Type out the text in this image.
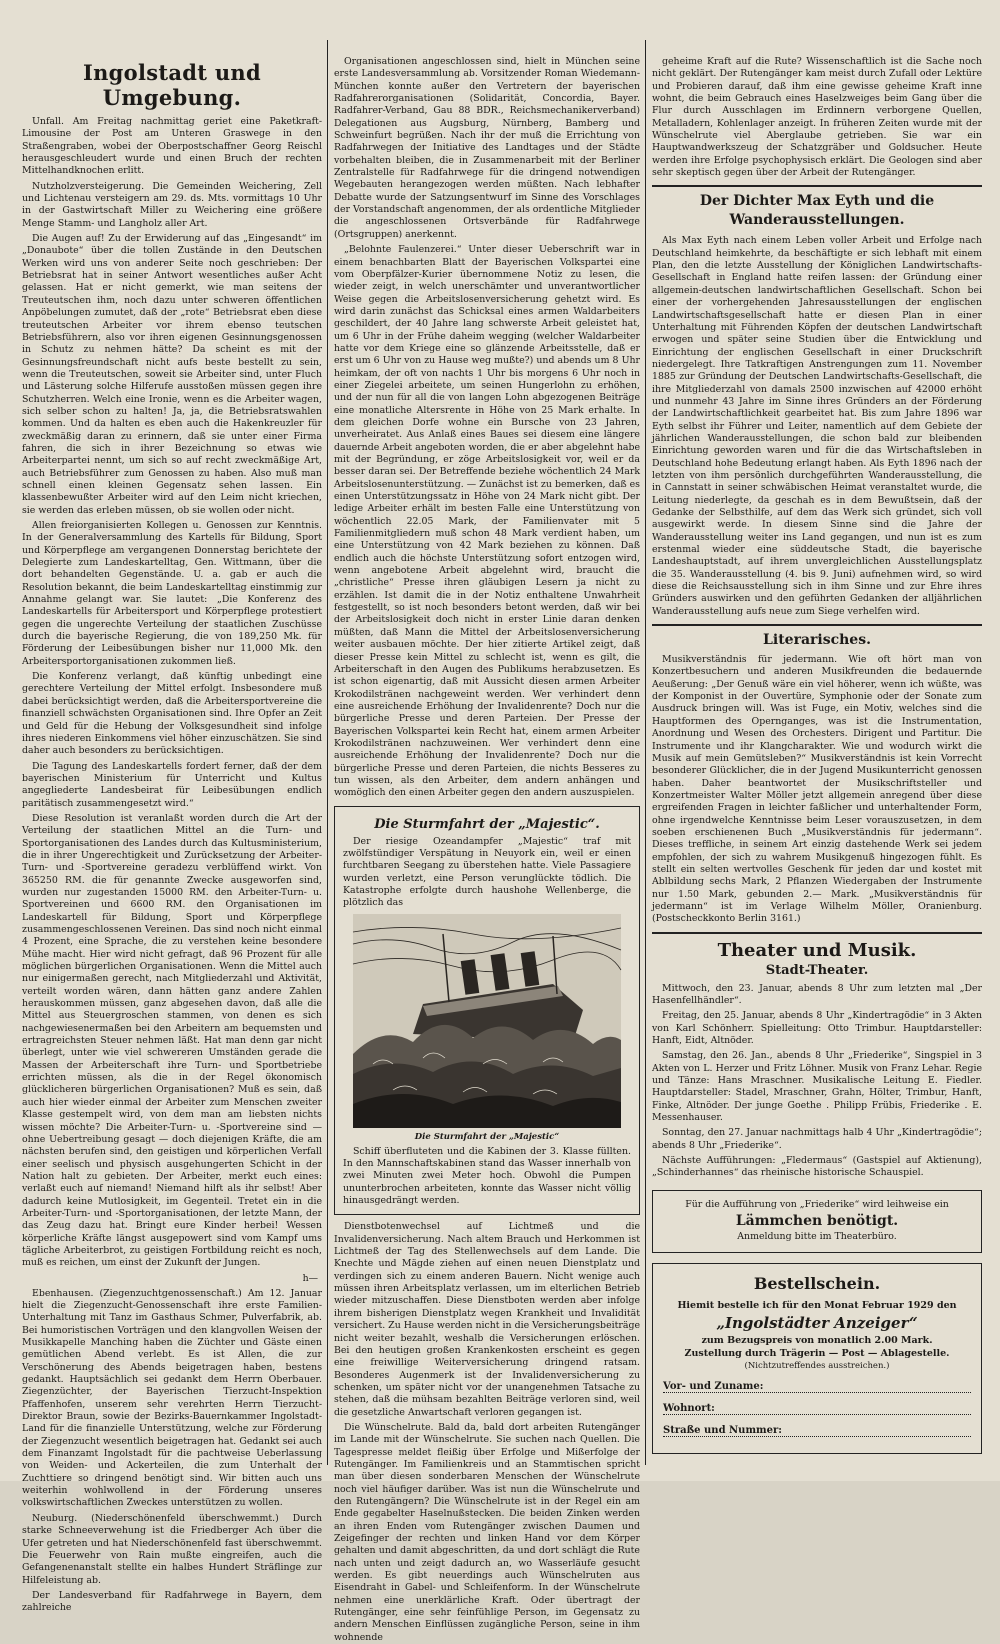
Ingolstadt und Umgebung.

Unfall. Am Freitag nachmittag geriet eine Paketkraft-Limousine der Post am Unteren Graswege in den Straßengraben, wobei der Oberpostschaffner Georg Reischl herausgeschleudert wurde und einen Bruch der rechten Mittelhandknochen erlitt.

Nutzholzversteigerung. Die Gemeinden Weichering, Zell und Lichtenau versteigern am 29. ds. Mts. vormittags 10 Uhr in der Gastwirtschaft Miller zu Weichering eine größere Menge Stamm- und Langholz aller Art.

Die Augen auf! Zu der Erwiderung auf das „Eingesandt“ im „Donaubote“ über die tollen Zustände in den Deutschen Werken wird uns von anderer Seite noch geschrieben: Der Betriebsrat hat in seiner Antwort wesentliches außer Acht gelassen. Hat er nicht gemerkt, wie man seitens der Treuteutschen ihm, noch dazu unter schweren öffentlichen Anpöbelungen zumutet, daß der „rote“ Betriebsrat eben diese treuteutschen Arbeiter vor ihrem ebenso teutschen Betriebsführern, also vor ihren eigenen Gesinnungsgenossen in Schutz zu nehmen hätte? Da scheint es mit der Gesinnungsfreundschaft nicht aufs beste bestellt zu sein, wenn die Treuteutschen, soweit sie Arbeiter sind, unter Fluch und Lästerung solche Hilferufe ausstoßen müssen gegen ihre Schutzherren. Welch eine Ironie, wenn es die Arbeiter wagen, sich selber schon zu halten! Ja, ja, die Betriebsratswahlen kommen. Und da halten es eben auch die Hakenkreuzler für zweckmäßig daran zu erinnern, daß sie unter einer Firma fahren, die sich in ihrer Bezeichnung so etwas wie Arbeiterpartei nennt, um sich so auf recht zweckmäßige Art, auch Betriebsführer zum Genossen zu haben. Also muß man schnell einen kleinen Gegensatz sehen lassen. Ein klassenbewußter Arbeiter wird auf den Leim nicht kriechen, sie werden das erleben müssen, ob sie wollen oder nicht.

Allen freiorganisierten Kollegen u. Genossen zur Kenntnis. In der Generalversammlung des Kartells für Bildung, Sport und Körperpflege am vergangenen Donnerstag berichtete der Delegierte zum Landeskartelltag, Gen. Wittmann, über die dort behandelten Gegenstände. U. a. gab er auch die Resolution bekannt, die beim Landeskartelltag einstimmig zur Annahme gelangt war. Sie lautet: „Die Konferenz des Landeskartells für Arbeitersport und Körperpflege protestiert gegen die ungerechte Verteilung der staatlichen Zuschüsse durch die bayerische Regierung, die von 189,250 Mk. für Förderung der Leibesübungen bisher nur 11,000 Mk. den Arbeitersportorganisationen zukommen ließ.

Die Konferenz verlangt, daß künftig unbedingt eine gerechtere Verteilung der Mittel erfolgt. Insbesondere muß dabei berücksichtigt werden, daß die Arbeitersportvereine die finanziell schwächsten Organisationen sind. Ihre Opfer an Zeit und Geld für die Hebung der Volksgesundheit sind infolge ihres niederen Einkommens viel höher einzuschätzen. Sie sind daher auch besonders zu berücksichtigen.

Die Tagung des Landeskartells fordert ferner, daß der dem bayerischen Ministerium für Unterricht und Kultus angegliederte Landesbeirat für Leibesübungen endlich paritätisch zusammengesetzt wird.“

Diese Resolution ist veranlaßt worden durch die Art der Verteilung der staatlichen Mittel an die Turn- und Sportorganisationen des Landes durch das Kultusministerium, die in ihrer Ungerechtigkeit und Zurücksetzung der Arbeiter-Turn- und -Sportvereine geradezu verblüffend wirkt. Von 365250 RM. die für genannte Zwecke ausgeworfen sind, wurden nur zugestanden 15000 RM. den Arbeiter-Turn- u. Sportvereinen und 6600 RM. den Organisationen im Landeskartell für Bildung, Sport und Körperpflege zusammengeschlossenen Vereinen. Das sind noch nicht einmal 4 Prozent, eine Sprache, die zu verstehen keine besondere Mühe macht. Hier wird nicht gefragt, daß 96 Prozent für alle möglichen bürgerlichen Organisationen. Wenn die Mittel auch nur einigermaßen gerecht, nach Mitgliederzahl und Aktivität, verteilt worden wären, dann hätten ganz andere Zahlen herauskommen müssen, ganz abgesehen davon, daß alle die Mittel aus Steuergroschen stammen, von denen es sich nachgewiesenermaßen bei den Arbeitern am bequemsten und ertragreichsten Steuer nehmen läßt. Hat man denn gar nicht überlegt, unter wie viel schwereren Umständen gerade die Massen der Arbeiterschaft ihre Turn- und Sportbetriebe errichten müssen, als die in der Regel ökonomisch glücklicheren bürgerlichen Organisationen? Muß es sein, daß auch hier wieder einmal der Arbeiter zum Menschen zweiter Klasse gestempelt wird, von dem man am liebsten nichts wissen möchte? Die Arbeiter-Turn- u. -Sportvereine sind — ohne Uebertreibung gesagt — doch diejenigen Kräfte, die am nächsten berufen sind, den geistigen und körperlichen Verfall einer seelisch und physisch ausgehungerten Schicht in der Nation halt zu gebieten. Der Arbeiter, merkt euch eines: verlaßt euch auf niemand! Niemand hilft als ihr selbst! Aber dadurch keine Mutlosigkeit, im Gegenteil. Tretet ein in die Arbeiter-Turn- und -Sportorganisationen, der letzte Mann, der das Zeug dazu hat. Bringt eure Kinder herbei! Wessen körperliche Kräfte längst ausgepowert sind vom Kampf ums tägliche Arbeiterbrot, zu geistigen Fortbildung reicht es noch, muß es reichen, um einst der Zukunft der Jungen.

h—

Ebenhausen. (Ziegenzuchtgenossenschaft.) Am 12. Januar hielt die Ziegenzucht-Genossenschaft ihre erste Familien-Unterhaltung mit Tanz im Gasthaus Schmer, Pulverfabrik, ab. Bei humoristischen Vorträgen und den klangvollen Weisen der Musikkapelle Manching haben die Züchter und Gäste einen gemütlichen Abend verlebt. Es ist Allen, die zur Verschönerung des Abends beigetragen haben, bestens gedankt. Hauptsächlich sei gedankt dem Herrn Oberbauer. Ziegenzüchter, der Bayerischen Tierzucht-Inspektion Pfaffenhofen, unserem sehr verehrten Herrn Tierzucht-Direktor Braun, sowie der Bezirks-Bauernkammer Ingolstadt-Land für die finanzielle Unterstützung, welche zur Förderung der Ziegenzucht wesentlich beigetragen hat. Gedankt sei auch dem Finanzamt Ingolstadt für die pachtweise Ueberlassung von Weiden- und Ackerteilen, die zum Unterhalt der Zuchttiere so dringend benötigt sind. Wir bitten auch uns weiterhin wohlwollend in der Förderung unseres volkswirtschaftlichen Zweckes unterstützen zu wollen.

Neuburg. (Niederschönenfeld überschwemmt.) Durch starke Schneeverwehung ist die Friedberger Ach über die Ufer getreten und hat Niederschönenfeld fast überschwemmt. Die Feuerwehr von Rain mußte eingreifen, auch die Gefangenenanstalt stellte ein halbes Hundert Sträflinge zur Hilfeleistung ab.

Der Landesverband für Radfahrwege in Bayern, dem zahlreiche

Organisationen angeschlossen sind, hielt in München seine erste Landesversammlung ab. Vorsitzender Roman Wiedemann-München konnte außer den Vertretern der bayerischen Radfahrerorganisationen (Solidarität, Concordia, Bayer. Radfahrer-Verband, Gau 88 BDR., Reichsmechanikerverband) Delegationen aus Augsburg, Nürnberg, Bamberg und Schweinfurt begrüßen. Nach ihr der muß die Errichtung von Radfahrwegen der Initiative des Landtages und der Städte vorbehalten bleiben, die in Zusammenarbeit mit der Berliner Zentralstelle für Radfahrwege für die dringend notwendigen Wegebauten herangezogen werden müßten. Nach lebhafter Debatte wurde der Satzungsentwurf im Sinne des Vorschlages der Vorstandschaft angenommen, der als ordentliche Mitglieder die angeschlossenen Ortsverbände für Radfahrwege (Ortsgruppen) anerkennt.

„Belohnte Faulenzerei.“ Unter dieser Ueberschrift war in einem benachbarten Blatt der Bayerischen Volkspartei eine vom Oberpfälzer-Kurier übernommene Notiz zu lesen, die wieder zeigt, in welch unerschämter und unverantwortlicher Weise gegen die Arbeitslosenversicherung gehetzt wird. Es wird darin zunächst das Schicksal eines armen Waldarbeiters geschildert, der 40 Jahre lang schwerste Arbeit geleistet hat, um 6 Uhr in der Frühe daheim wegging (welcher Waldarbeiter hatte vor dem Kriege eine so glänzende Arbeitsstelle, daß er erst um 6 Uhr von zu Hause weg mußte?) und abends um 8 Uhr heimkam, der oft von nachts 1 Uhr bis morgens 6 Uhr noch in einer Ziegelei arbeitete, um seinen Hungerlohn zu erhöhen, und der nun für all die von langen Lohn abgezogenen Beiträge eine monatliche Altersrente in Höhe von 25 Mark erhalte. In dem gleichen Dorfe wohne ein Bursche von 23 Jahren, unverheiratet. Aus Anlaß eines Baues sei diesem eine längere dauernde Arbeit angeboten worden, die er aber abgelehnt habe mit der Begründung, er zöge Arbeitslosigkeit vor, weil er da besser daran sei. Der Betreffende beziehe wöchentlich 24 Mark Arbeitslosenunterstützung. — Zunächst ist zu bemerken, daß es einen Unterstützungssatz in Höhe von 24 Mark nicht gibt. Der ledige Arbeiter erhält im besten Falle eine Unterstützung von wöchentlich 22.05 Mark, der Familienvater mit 5 Familienmitgliedern muß schon 48 Mark verdient haben, um eine Unterstützung von 42 Mark beziehen zu können. Daß endlich auch die höchste Unterstützung sofort entzogen wird, wenn angebotene Arbeit abgelehnt wird, braucht die „christliche“ Presse ihren gläubigen Lesern ja nicht zu erzählen. Ist damit die in der Notiz enthaltene Unwahrheit festgestellt, so ist noch besonders betont werden, daß wir bei der Arbeitslosigkeit doch nicht in erster Linie daran denken müßten, daß Mann die Mittel der Arbeitslosenversicherung weiter ausbauen möchte. Der hier zitierte Artikel zeigt, daß dieser Presse kein Mittel zu schlecht ist, wenn es gilt, die Arbeiterschaft in den Augen des Publikums herabzusetzen. Es ist schon eigenartig, daß mit Aussicht diesen armen Arbeiter Krokodilstränen nachgeweint werden. Wer verhindert denn eine ausreichende Erhöhung der Invalidenrente? Doch nur die bürgerliche Presse und deren Parteien. Der Presse der Bayerischen Volkspartei kein Recht hat, einem armen Arbeiter Krokodilstränen nachzuweinen. Wer verhindert denn eine ausreichende Erhöhung der Invalidenrente? Doch nur die bürgerliche Presse und deren Parteien, die nichts Besseres zu tun wissen, als den Arbeiter, dem andern anhängen und womöglich den einen Arbeiter gegen den andern auszuspielen.

Die Sturmfahrt der „Majestic“.

Der riesige Ozeandampfer „Majestic“ traf mit zwölfstündiger Verspätung in Neuyork ein, weil er einen furchtbaren Seegang zu überstehen hatte. Viele Passagiere wurden verletzt, eine Person verunglückte tödlich. Die Katastrophe erfolgte durch haushohe Wellenberge, die plötzlich das

Die Sturmfahrt der „Majestic“

Schiff überfluteten und die Kabinen der 3. Klasse füllten. In den Mannschaftskabinen stand das Wasser innerhalb von zwei Minuten zwei Meter hoch. Obwohl die Pumpen ununterbrochen arbeiteten, konnte das Wasser nicht völlig hinausgedrängt werden.

Dienstbotenwechsel auf Lichtmeß und die Invalidenversicherung. Nach altem Brauch und Herkommen ist Lichtmeß der Tag des Stellenwechsels auf dem Lande. Die Knechte und Mägde ziehen auf einen neuen Dienstplatz und verdingen sich zu einem anderen Bauern. Nicht wenige auch müssen ihren Arbeitsplatz verlassen, um im elterlichen Betrieb wieder mitzuschaffen. Diese Dienstboten werden aber infolge ihrem bisherigen Dienstplatz wegen Krankheit und Invalidität versichert. Zu Hause werden nicht in die Versicherungsbeiträge nicht weiter bezahlt, weshalb die Versicherungen erlöschen. Bei den heutigen großen Krankenkosten erscheint es gegen eine freiwillige Weiterversicherung dringend ratsam. Besonderes Augenmerk ist der Invalidenversicherung zu schenken, um später nicht vor der unangenehmen Tatsache zu stehen, daß die mühsam bezahlten Beiträge verloren sind, weil die gesetzliche Anwartschaft verloren gegangen ist.

Die Wünschelrute. Bald da, bald dort arbeiten Rutengänger im Lande mit der Wünschelrute. Sie suchen nach Quellen. Die Tagespresse meldet fleißig über Erfolge und Mißerfolge der Rutengänger. Im Familienkreis und an Stammtischen spricht man über diesen sonderbaren Menschen der Wünschelrute noch viel häufiger darüber. Was ist nun die Wünschelrute und den Rutengängern? Die Wünschelrute ist in der Regel ein am Ende gegabelter Haselnußstecken. Die beiden Zinken werden an ihren Enden vom Rutengänger zwischen Daumen und Zeigefinger der rechten und linken Hand vor dem Körper gehalten und damit abgeschritten, da und dort schlägt die Rute nach unten und zeigt dadurch an, wo Wasserläufe gesucht werden. Es gibt neuerdings auch Wünschelruten aus Eisendraht in Gabel- und Schleifenform. In der Wünschelrute nehmen eine unerklärliche Kraft. Oder übertragt der Rutengänger, eine sehr feinfühlige Person, im Gegensatz zu andern Menschen Einflüssen zugängliche Person, seine in ihm wohnende

geheime Kraft auf die Rute? Wissenschaftlich ist die Sache noch nicht geklärt. Der Rutengänger kam meist durch Zufall oder Lektüre und Probieren darauf, daß ihm eine gewisse geheime Kraft inne wohnt, die beim Gebrauch eines Haselzweiges beim Gang über die Flur durch Ausschlagen im Erdinnern verborgene Quellen, Metalladern, Kohlenlager anzeigt. In früheren Zeiten wurde mit der Wünschelrute viel Aberglaube getrieben. Sie war ein Hauptwandwerkszeug der Schatzgräber und Goldsucher. Heute werden ihre Erfolge psychophysisch erklärt. Die Geologen sind aber sehr skeptisch gegen über der Arbeit der Rutengänger.

Der Dichter Max Eyth und die
Wanderausstellungen.

Als Max Eyth nach einem Leben voller Arbeit und Erfolge nach Deutschland heimkehrte, da beschäftigte er sich lebhaft mit einem Plan, den die letzte Ausstellung der Königlichen Landwirtschafts-Gesellschaft in England hatte reifen lassen: der Gründung einer allgemein-deutschen landwirtschaftlichen Gesellschaft. Schon bei einer der vorhergehenden Jahresausstellungen der englischen Landwirtschaftsgesellschaft hatte er diesen Plan in einer Unterhaltung mit Führenden Köpfen der deutschen Landwirtschaft erwogen und später seine Studien über die Entwicklung und Einrichtung der englischen Gesellschaft in einer Druckschrift niedergelegt. Ihre Tatkraftigen Anstrengungen zum 11. November 1885 zur Gründung der Deutschen Landwirtschafts-Gesellschaft, die ihre Mitgliederzahl von damals 2500 inzwischen auf 42000 erhöht und nunmehr 43 Jahre im Sinne ihres Gründers an der Förderung der Landwirtschaftlichkeit gearbeitet hat. Bis zum Jahre 1896 war Eyth selbst ihr Führer und Leiter, namentlich auf dem Gebiete der jährlichen Wanderausstellungen, die schon bald zur bleibenden Einrichtung geworden waren und für die das Wirtschaftsleben in Deutschland hohe Bedeutung erlangt haben. Als Eyth 1896 nach der letzten von ihm persönlich durchgeführten Wanderausstellung, die in Cannstatt in seiner schwäbischen Heimat veranstaltet wurde, die Leitung niederlegte, da geschah es in dem Bewußtsein, daß der Gedanke der Selbsthilfe, auf dem das Werk sich gründet, sich voll ausgewirkt werde. In diesem Sinne sind die Jahre der Wanderausstellung weiter ins Land gegangen, und nun ist es zum erstenmal wieder eine süddeutsche Stadt, die bayerische Landeshauptstadt, auf ihrem unvergleichlichen Ausstellungsplatz die 35. Wanderausstellung (4. bis 9. Juni) aufnehmen wird, so wird diese die Reichsausstellung sich in ihm Sinne und zur Ehre ihres Gründers auswirken und den geführten Gedanken der alljährlichen Wanderausstellung aufs neue zum Siege verhelfen wird.

Literarisches.

Musikverständnis für jedermann. Wie oft hört man von Konzertbesuchern und anderen Musikfreunden die bedauernde Aeußerung: „Der Genuß wäre ein viel höherer, wenn ich wüßte, was der Komponist in der Ouvertüre, Symphonie oder der Sonate zum Ausdruck bringen will. Was ist Fuge, ein Motiv, welches sind die Hauptformen des Opernganges, was ist die Instrumentation, Anordnung und Wesen des Orchesters. Dirigent und Partitur. Die Instrumente und ihr Klangcharakter. Wie und wodurch wirkt die Musik auf mein Gemütsleben?“ Musikverständnis ist kein Vorrecht besonderer Glücklicher, die in der Jugend Musikunterricht genossen haben. Daher beantwortet der Musikschriftsteller und Konzertmeister Walter Möller jetzt allgemein anregend über diese ergreifenden Fragen in leichter faßlicher und unterhaltender Form, ohne irgendwelche Kenntnisse beim Leser vorauszusetzen, in dem soeben erschienenen Buch „Musikverständnis für jedermann“. Dieses treffliche, in seinem Art einzig dastehende Werk sei jedem empfohlen, der sich zu wahrem Musikgenuß hingezogen fühlt. Es stellt ein selten wertvolles Geschenk für jeden dar und kostet mit Ablbildung sechs Mark, 2 Pflanzen Wiedergaben der Instrumente nur 1.50 Mark, gebunden 2.— Mark. „Musikverständnis für jedermann“ ist im Verlage Wilhelm Möller, Oranienburg. (Postscheckkonto Berlin 3161.)

Theater und Musik.
Stadt-Theater.

Mittwoch, den 23. Januar, abends 8 Uhr zum letzten mal „Der Hasenfellhändler“.

Freitag, den 25. Januar, abends 8 Uhr „Kindertragödie“ in 3 Akten von Karl Schönherr. Spielleitung: Otto Trimbur. Hauptdarsteller: Hanft, Eidt, Altnöder.

Samstag, den 26. Jan., abends 8 Uhr „Friederike“, Singspiel in 3 Akten von L. Herzer und Fritz Löhner. Musik von Franz Lehar. Regie und Tänze: Hans Mraschner. Musikalische Leitung E. Fiedler. Hauptdarsteller: Stadel, Mraschner, Grahn, Hölter, Trimbur, Hanft, Finke, Altnöder. Der junge Goethe . Philipp Frübis, Friederike . E. Messenhauser.

Sonntag, den 27. Januar nachmittags halb 4 Uhr „Kindertragödie“; abends 8 Uhr „Friederike“.

Nächste Aufführungen: „Fledermaus“ (Gastspiel auf Aktienung), „Schinderhannes“ das rheinische historische Schauspiel.

Für die Aufführung von „Friederike“ wird leihweise ein
Lämmchen benötigt.
Anmeldung bitte im Theaterbüro.
Bestellschein.
Hiemit bestelle ich für den Monat Februar 1929 den
„Ingolstädter Anzeiger“
zum Bezugspreis von monatlich 2.00 Mark.
Zustellung durch Trägerin — Post — Ablagestelle.
(Nichtzutreffendes ausstreichen.)
Vor- und Zuname:
Wohnort:
Straße und Nummer:
